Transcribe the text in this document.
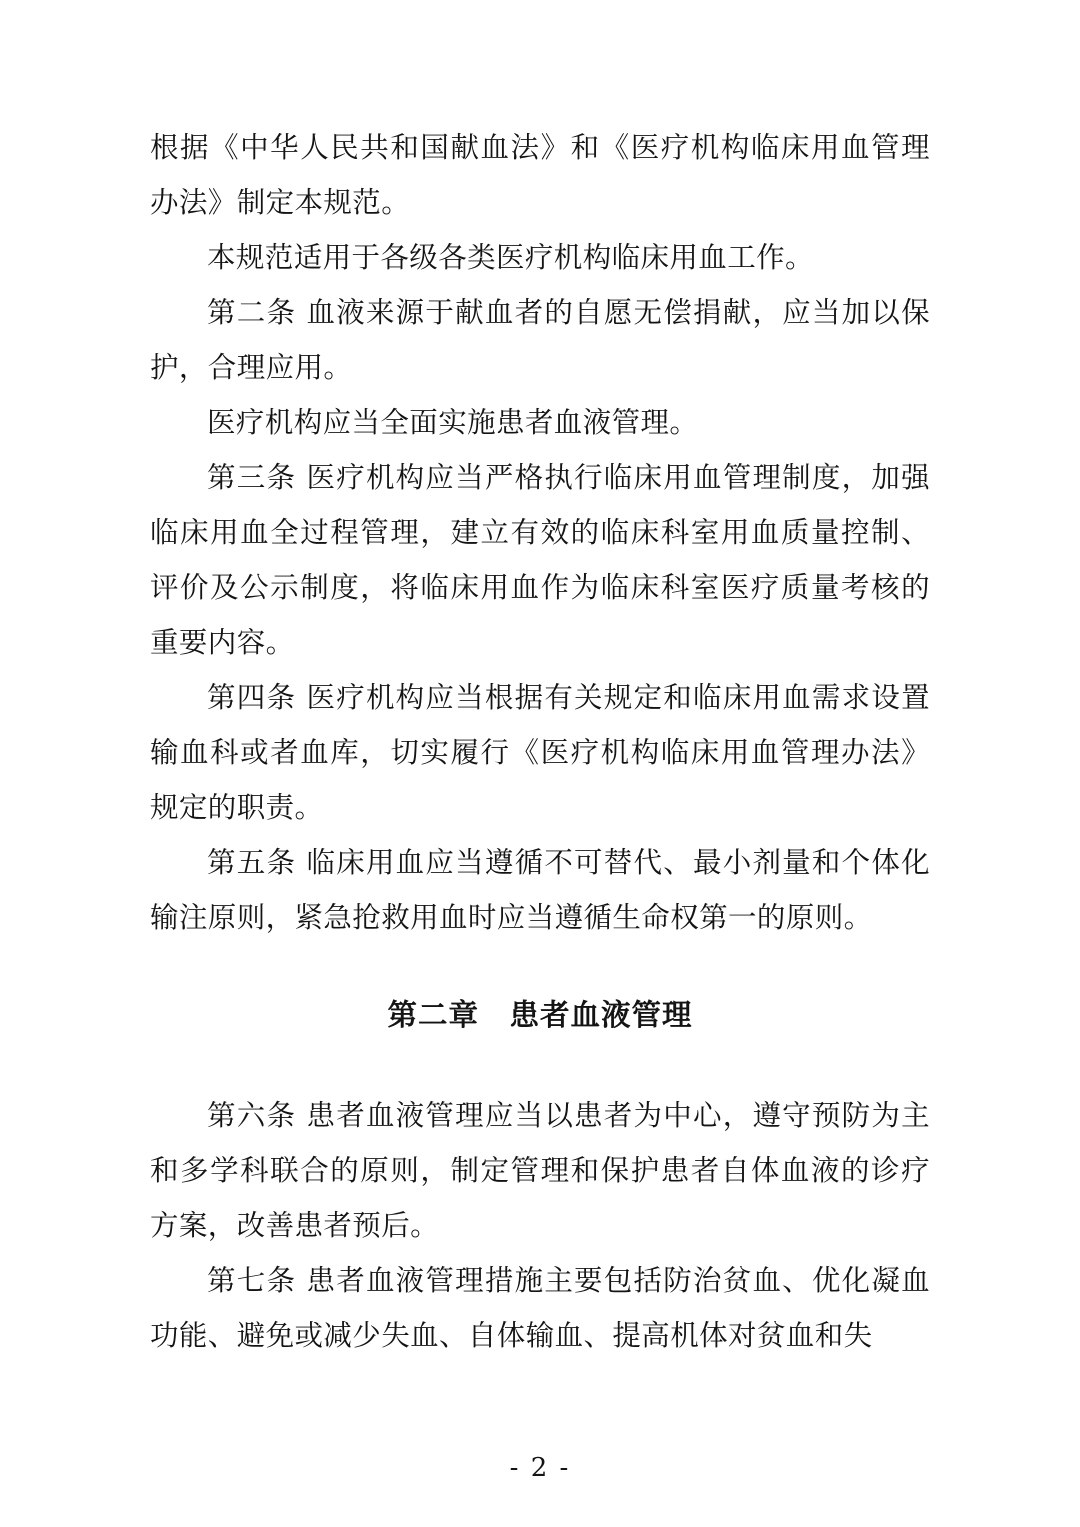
根据《中华人民共和国献血法》和《医疗机构临床用血管理办法》制定本规范。

本规范适用于各级各类医疗机构临床用血工作。

第二条 血液来源于献血者的自愿无偿捐献，应当加以保护，合理应用。

医疗机构应当全面实施患者血液管理。

第三条 医疗机构应当严格执行临床用血管理制度，加强临床用血全过程管理，建立有效的临床科室用血质量控制、评价及公示制度，将临床用血作为临床科室医疗质量考核的重要内容。

第四条 医疗机构应当根据有关规定和临床用血需求设置输血科或者血库，切实履行《医疗机构临床用血管理办法》规定的职责。

第五条 临床用血应当遵循不可替代、最小剂量和个体化输注原则，紧急抢救用血时应当遵循生命权第一的原则。

第二章　患者血液管理

第六条 患者血液管理应当以患者为中心，遵守预防为主和多学科联合的原则，制定管理和保护患者自体血液的诊疗方案，改善患者预后。

第七条 患者血液管理措施主要包括防治贫血、优化凝血功能、避免或减少失血、自体输血、提高机体对贫血和失

- 2 -
